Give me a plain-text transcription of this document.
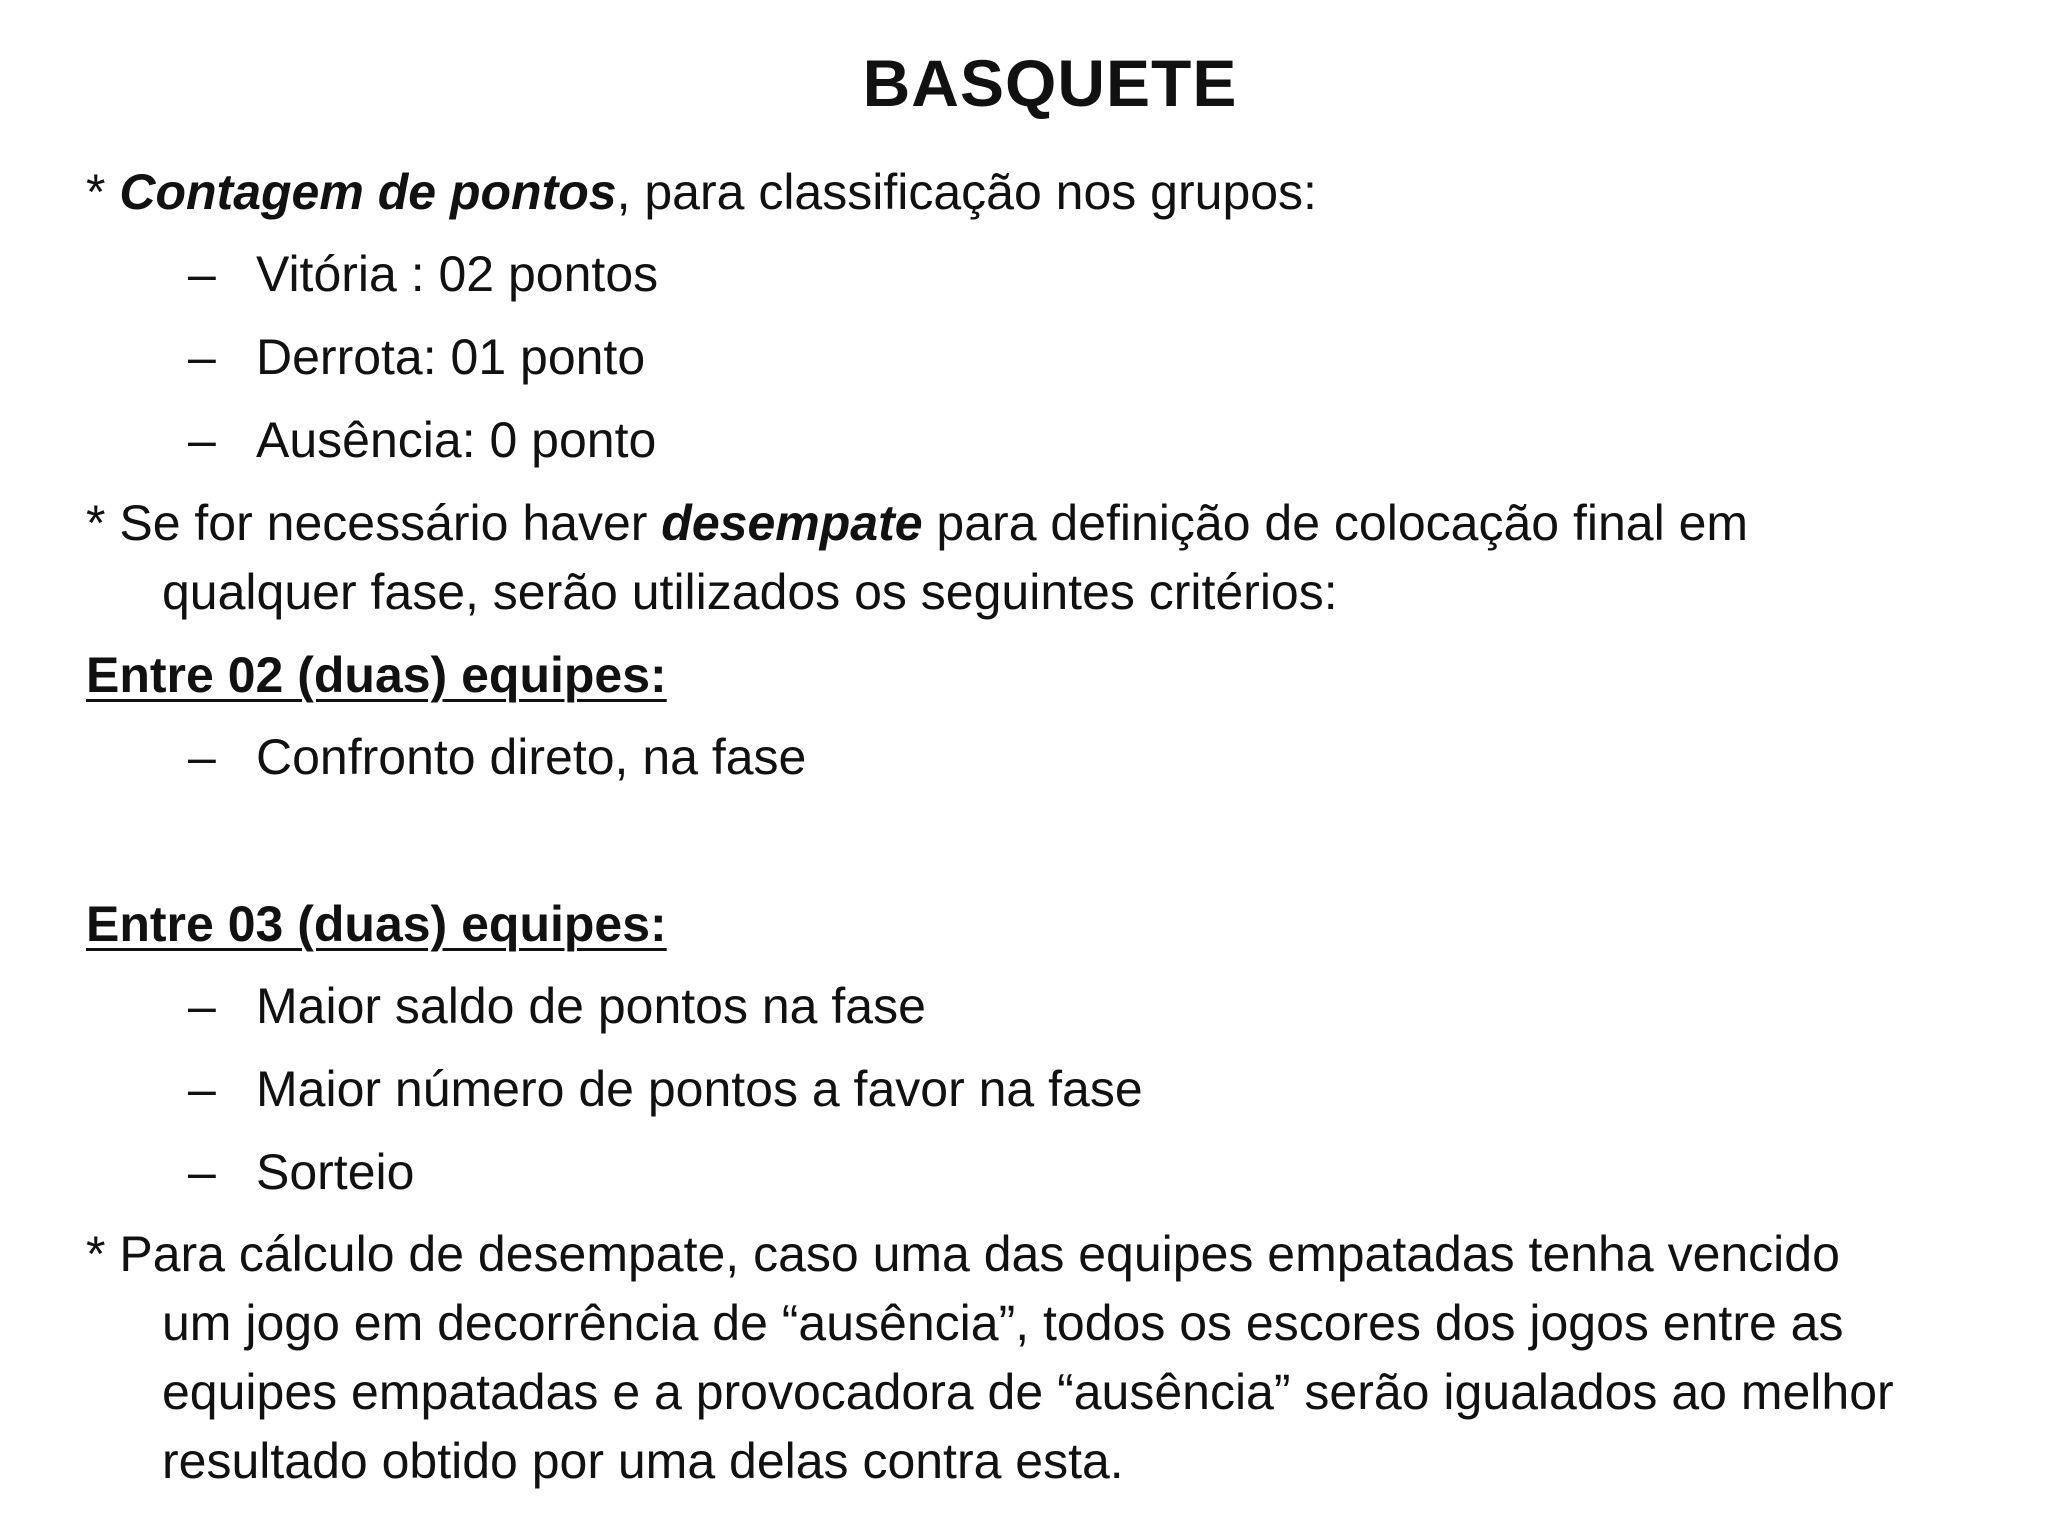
BASQUETE
* Contagem de pontos, para classificação nos grupos:
– Vitória : 02 pontos
– Derrota: 01 ponto
– Ausência: 0 ponto
* Se for necessário haver desempate para definição de colocação final em
qualquer fase, serão utilizados os seguintes critérios:
Entre 02 (duas) equipes:
– Confronto direto, na fase
Entre 03 (duas) equipes:
– Maior saldo de pontos na fase
– Maior número de pontos a favor na fase
– Sorteio
* Para cálculo de desempate, caso uma das equipes empatadas tenha vencido
um jogo em decorrência de “ausência”, todos os escores dos jogos entre as
equipes empatadas e a provocadora de “ausência” serão igualados ao melhor
resultado obtido por uma delas contra esta.
